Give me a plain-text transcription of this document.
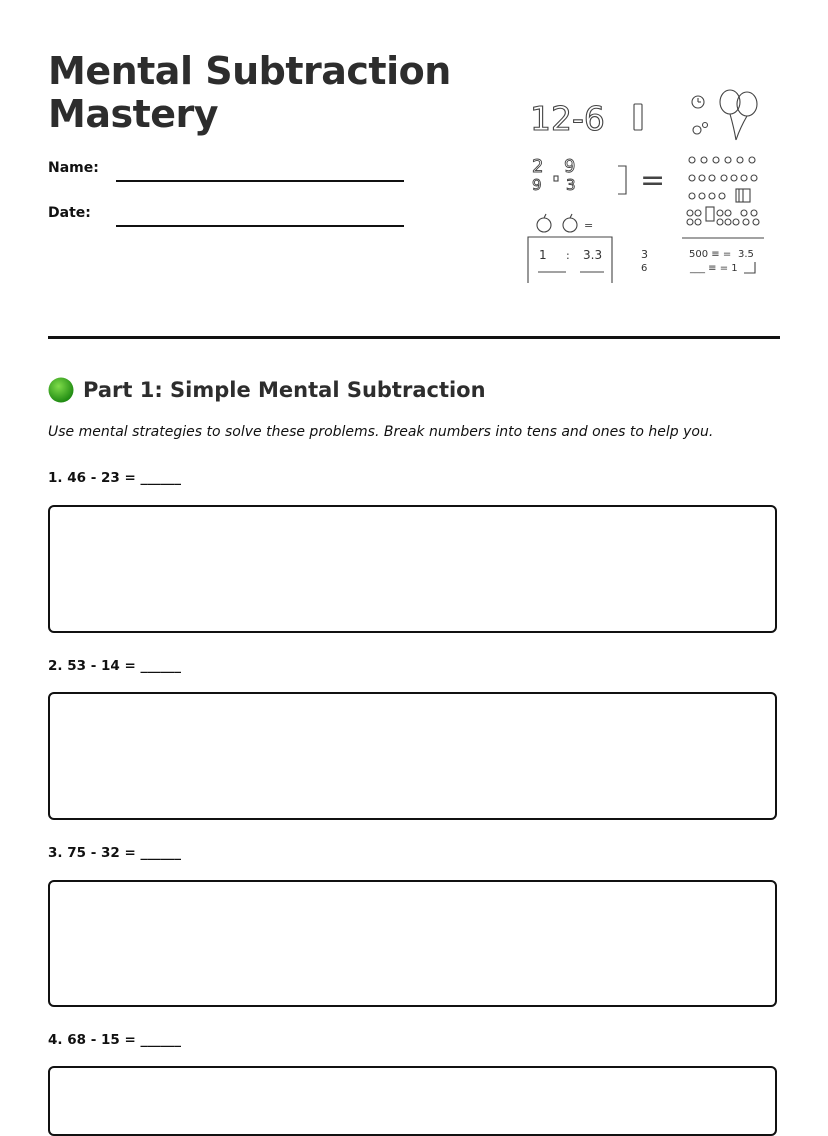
Mental Subtraction
Mastery
Name:
Date:
12-6
2
9
9
3 =
=
1 : 3.3	3
6
500 ≡ = 3.5
___ ≡ = 1
Part 1: Simple Mental Subtraction
Use mental strategies to solve these problems. Break numbers into tens and ones to help you.
1. 46 - 23 = ______
2. 53 - 14 = ______
3. 75 - 32 = ______
4. 68 - 15 = ______
